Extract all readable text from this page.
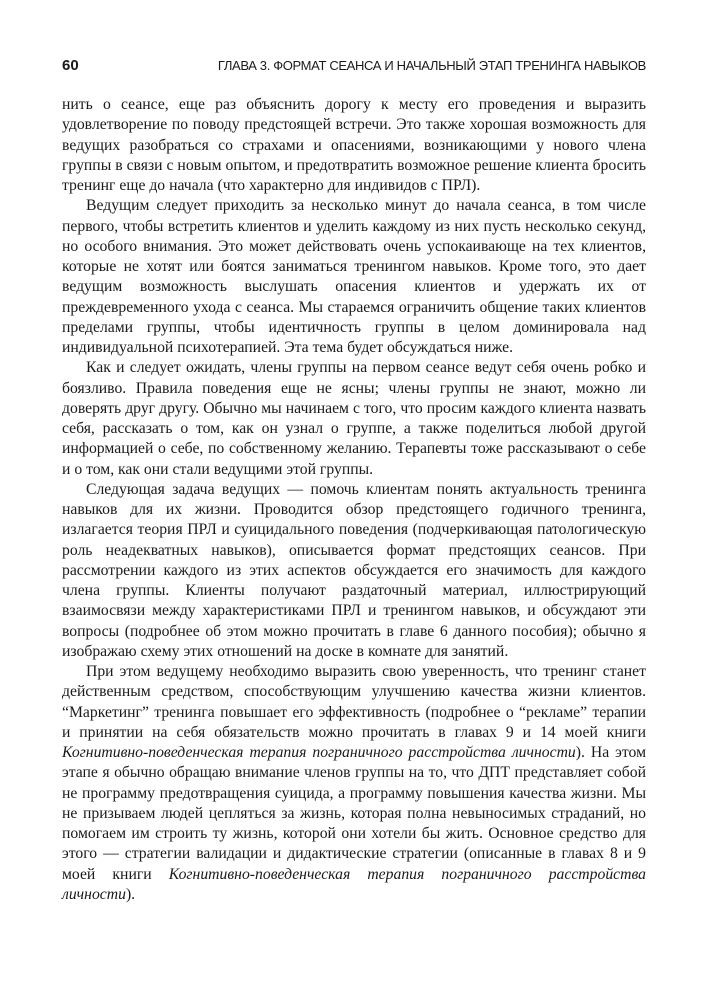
60	ГЛАВА 3. ФОРМАТ СЕАНСА И НАЧАЛЬНЫЙ ЭТАП ТРЕНИНГА НАВЫКОВ

нить о сеансе, еще раз объяснить дорогу к месту его проведения и выразить удовлетворение по поводу предстоящей встречи. Это также хорошая возможность для ведущих разобраться со страхами и опасениями, возникающими у нового члена группы в связи с новым опытом, и предотвратить возможное решение клиента бросить тренинг еще до начала (что характерно для индивидов с ПРЛ).

Ведущим следует приходить за несколько минут до начала сеанса, в том числе первого, чтобы встретить клиентов и уделить каждому из них пусть несколько секунд, но особого внимания. Это может действовать очень успокаивающе на тех клиентов, которые не хотят или боятся заниматься тренингом навыков. Кроме того, это дает ведущим возможность выслушать опасения клиентов и удержать их от преждевременного ухода с сеанса. Мы стараемся ограничить общение таких клиентов пределами группы, чтобы идентичность группы в целом доминировала над индивидуальной психотерапией. Эта тема будет обсуждаться ниже.

Как и следует ожидать, члены группы на первом сеансе ведут себя очень робко и боязливо. Правила поведения еще не ясны; члены группы не знают, можно ли доверять друг другу. Обычно мы начинаем с того, что просим каждого клиента назвать себя, рассказать о том, как он узнал о группе, а также поделиться любой другой информацией о себе, по собственному желанию. Терапевты тоже рассказывают о себе и о том, как они стали ведущими этой группы.

Следующая задача ведущих — помочь клиентам понять актуальность тренинга навыков для их жизни. Проводится обзор предстоящего годичного тренинга, излагается теория ПРЛ и суицидального поведения (подчеркивающая патологическую роль неадекватных навыков), описывается формат предстоящих сеансов. При рассмотрении каждого из этих аспектов обсуждается его значимость для каждого члена группы. Клиенты получают раздаточный материал, иллюстрирующий взаимосвязи между характеристиками ПРЛ и тренингом навыков, и обсуждают эти вопросы (подробнее об этом можно прочитать в главе 6 данного пособия); обычно я изображаю схему этих отношений на доске в комнате для занятий.

При этом ведущему необходимо выразить свою уверенность, что тренинг станет действенным средством, способствующим улучшению качества жизни клиентов. “Маркетинг” тренинга повышает его эффективность (подробнее о “рекламе” терапии и принятии на себя обязательств можно прочитать в главах 9 и 14 моей книги Когнитивно-поведенческая терапия пограничного расстройства личности). На этом этапе я обычно обращаю внимание членов группы на то, что ДПТ представляет собой не программу предотвращения суицида, а программу повышения качества жизни. Мы не призываем людей цепляться за жизнь, которая полна невыносимых страданий, но помогаем им строить ту жизнь, которой они хотели бы жить. Основное средство для этого — стратегии валидации и дидактические стратегии (описанные в главах 8 и 9 моей книги Когнитивно-поведенческая терапия пограничного расстройства личности).
